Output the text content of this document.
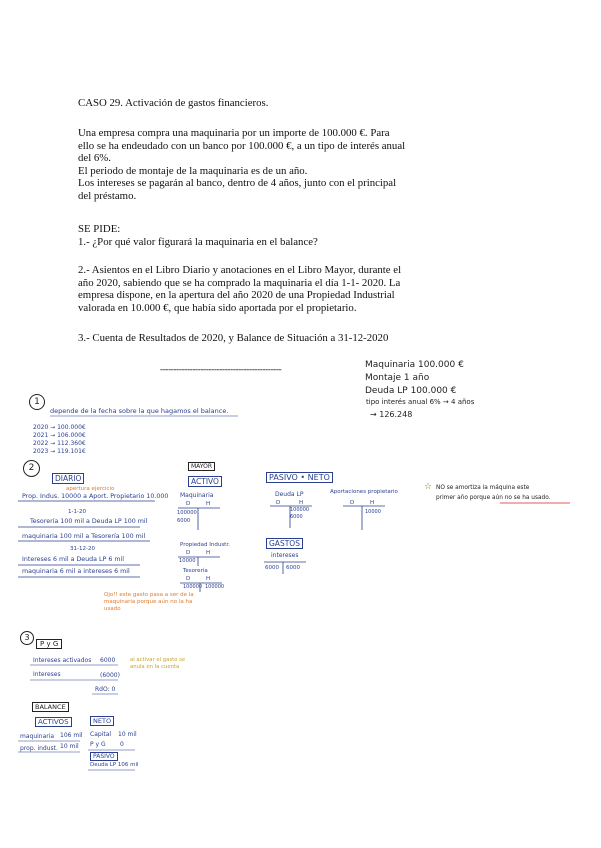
CASO 29. Activación de gastos financieros.
Una empresa compra una maquinaria por un importe de 100.000 €. Para
ello se ha endeudado con un banco por 100.000 €, a un tipo de interés anual
del 6%.
El periodo de montaje de la maquinaria es de un año.
Los intereses se pagarán al banco, dentro de 4 años, junto con el principal
del préstamo.
SE PIDE:
1.- ¿Por qué valor figurará la maquinaria en el balance?
2.- Asientos en el Libro Diario y anotaciones en el Libro Mayor, durante el
año 2020, sabiendo que se ha comprado la maquinaria el día 1-1- 2020. La
empresa dispone, en la apertura del año 2020 de una Propiedad Industrial
valorada en 10.000 €, que había sido aportada por el propietario.
3.- Cuenta de Resultados de 2020, y Balance de Situación a 31-12-2020
---------------------------------------------	Maquinaria 100.000 €
Montaje 1 año
Deuda LP 100.000 €
tipo interés anual 6% → 4 años
→ 126.248
1
depende de la fecha sobre la que hagamos el balance.
2020 → 100.000€
2021 → 106.000€
2022 → 112.360€
2023 → 119.101€
2
DIARIO
apertura ejercicio
Prop. Indus. 10000 a Aport. Propietario 10.000
1-1-20
Tesorería 100 mil a Deuda LP 100 mil
maquinaria 100 mil a Tesorería 100 mil
31-12-20
Intereses 6 mil a Deuda LP 6 mil
maquinaria 6 mil a intereses 6 mil
MAYOR
ACTIVO
Maquinaria
D	H
100000
6000
Propiedad Industr.
D	H
10000
Tesorería
D	H
100000 100000
PASIVO • NETO
Deuda LP
D	H
100000
6000
Aportaciones propietario
D	H
10000
GASTOS
intereses
6000 6000
☆ NO se amortiza la máquina este
primer año porque aún no se ha usado.
Ojo!! este gasto pasa a ser de la maquinaria porque aún no la ha usado
3
P y G
Intereses activados 6000
Intereses	(6000)
RdO: 0
al activar el gasto se anula en la cuenta
BALANCE
ACTIVOS
maquinaria 106 mil
prop. indust. 10 mil
NETO
Capital 10 mil
P y G 0
PASIVO
Deuda LP 106 mil
